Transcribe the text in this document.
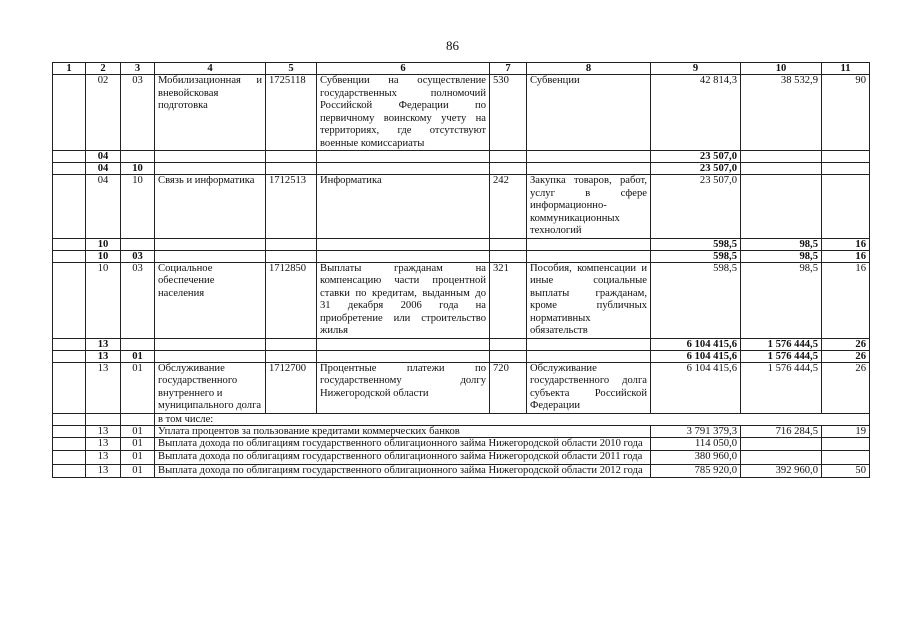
86
1	2	3	4	5	6	7	8	9	10	11
	02	03	Мобилизационная и вневойсковая подготовка	1725118	Субвенции на осуществление государственных полномочий Российской Федерации по первичному воинскому учету на территориях, где отсутствуют военные комиссариаты	530	Субвенции	42 814,3	38 532,9	90
	04							23 507,0		
	04	10						23 507,0		
	04	10	Связь и информатика	1712513	Информатика	242	Закупка товаров, работ, услуг в сфере информационно-коммуникационных технологий	23 507,0		
	10							598,5	98,5	16
	10	03						598,5	98,5	16
	10	03	Социальное обеспечение населения	1712850	Выплаты гражданам на компенсацию части процентной ставки по кредитам, выданным до 31 декабря 2006 года на приобретение или строительство жилья	321	Пособия, компенсации и иные социальные выплаты гражданам, кроме публичных нормативных обязательств	598,5	98,5	16
	13							6 104 415,6	1 576 444,5	26
	13	01						6 104 415,6	1 576 444,5	26
	13	01	Обслуживание государственного внутреннего и муниципального долга	1712700	Процентные платежи по государственному долгу Нижегородской области	720	Обслуживание государственного долга субъекта Российской Федерации	6 104 415,6	1 576 444,5	26
			в том числе:							
	13	01	Уплата процентов за пользование кредитами коммерческих банков					3 791 379,3	716 284,5	19
	13	01	Выплата дохода по облигациям государственного облигационного займа Нижегородской области 2010 года					114 050,0		
	13	01	Выплата дохода по облигациям государственного облигационного займа Нижегородской области 2011 года					380 960,0		
	13	01	Выплата дохода по облигациям государственного облигационного займа Нижегородской области 2012 года					785 920,0	392 960,0	50
